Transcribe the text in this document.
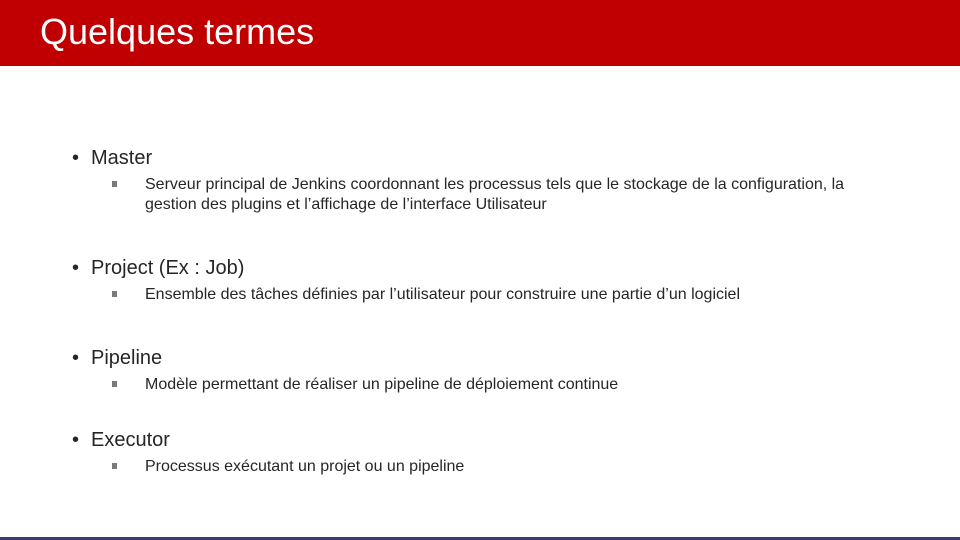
Quelques termes
• Master
Serveur principal de Jenkins coordonnant les processus tels que le stockage de la configuration, la gestion des plugins et l’affichage de l’interface Utilisateur
• Project (Ex : Job)
Ensemble des tâches définies par l’utilisateur pour construire une partie d’un logiciel
• Pipeline
Modèle permettant de réaliser un pipeline de déploiement continue
• Executor
Processus exécutant un projet ou un pipeline
